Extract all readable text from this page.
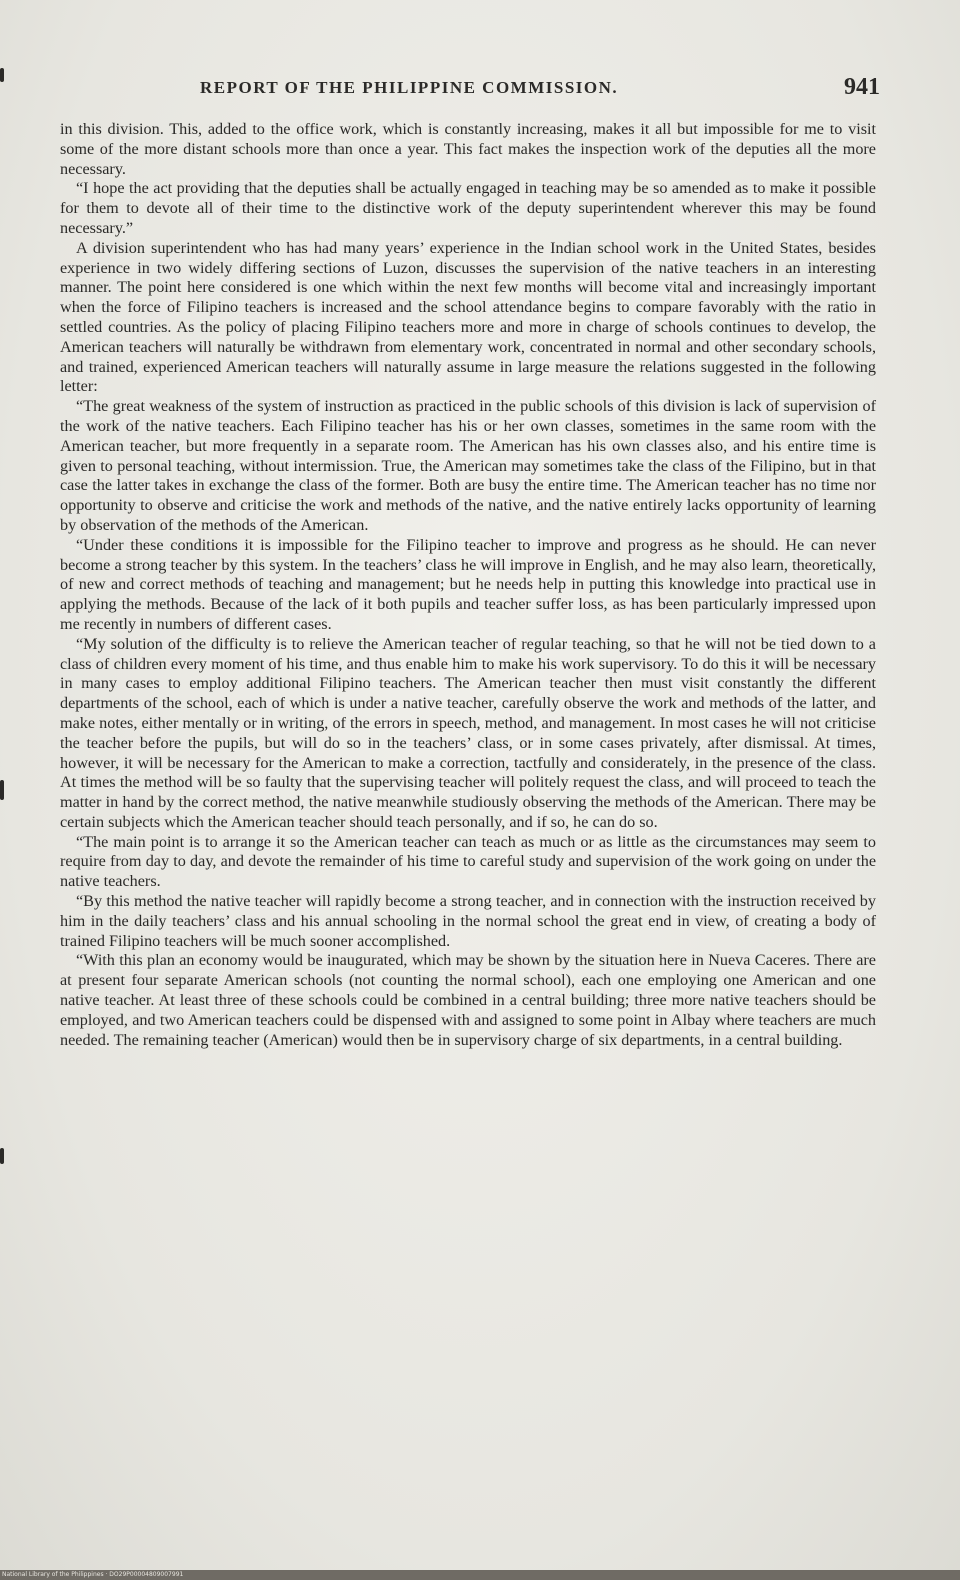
REPORT OF THE PHILIPPINE COMMISSION.	941

in this division. This, added to the office work, which is constantly increasing, makes it all but impossible for me to visit some of the more distant schools more than once a year. This fact makes the inspection work of the deputies all the more necessary.

“I hope the act providing that the deputies shall be actually engaged in teaching may be so amended as to make it possible for them to devote all of their time to the distinctive work of the deputy superintendent wherever this may be found necessary.”

A division superintendent who has had many years’ experience in the Indian school work in the United States, besides experience in two widely differing sections of Luzon, discusses the supervision of the native teachers in an interesting manner. The point here considered is one which within the next few months will become vital and increasingly important when the force of Filipino teachers is increased and the school attendance begins to compare favorably with the ratio in settled countries. As the policy of placing Filipino teachers more and more in charge of schools continues to develop, the American teachers will naturally be withdrawn from elementary work, concentrated in normal and other secondary schools, and trained, experienced American teachers will naturally assume in large measure the relations suggested in the following letter:

“The great weakness of the system of instruction as practiced in the public schools of this division is lack of supervision of the work of the native teachers. Each Filipino teacher has his or her own classes, sometimes in the same room with the American teacher, but more frequently in a separate room. The American has his own classes also, and his entire time is given to personal teaching, without intermission. True, the American may sometimes take the class of the Filipino, but in that case the latter takes in exchange the class of the former. Both are busy the entire time. The American teacher has no time nor opportunity to observe and criticise the work and methods of the native, and the native entirely lacks opportunity of learning by observation of the methods of the American.

“Under these conditions it is impossible for the Filipino teacher to improve and progress as he should. He can never become a strong teacher by this system. In the teachers’ class he will improve in English, and he may also learn, theoretically, of new and correct methods of teaching and management; but he needs help in putting this knowledge into practical use in applying the methods. Because of the lack of it both pupils and teacher suffer loss, as has been particularly impressed upon me recently in numbers of different cases.

“My solution of the difficulty is to relieve the American teacher of regular teaching, so that he will not be tied down to a class of children every moment of his time, and thus enable him to make his work supervisory. To do this it will be necessary in many cases to employ additional Filipino teachers. The American teacher then must visit constantly the different departments of the school, each of which is under a native teacher, carefully observe the work and methods of the latter, and make notes, either mentally or in writing, of the errors in speech, method, and management. In most cases he will not criticise the teacher before the pupils, but will do so in the teachers’ class, or in some cases privately, after dismissal. At times, however, it will be necessary for the American to make a correction, tactfully and considerately, in the presence of the class. At times the method will be so faulty that the supervising teacher will politely request the class, and will proceed to teach the matter in hand by the correct method, the native meanwhile studiously observing the methods of the American. There may be certain subjects which the American teacher should teach personally, and if so, he can do so.

“The main point is to arrange it so the American teacher can teach as much or as little as the circumstances may seem to require from day to day, and devote the remainder of his time to careful study and supervision of the work going on under the native teachers.

“By this method the native teacher will rapidly become a strong teacher, and in connection with the instruction received by him in the daily teachers’ class and his annual schooling in the normal school the great end in view, of creating a body of trained Filipino teachers will be much sooner accomplished.

“With this plan an economy would be inaugurated, which may be shown by the situation here in Nueva Caceres. There are at present four separate American schools (not counting the normal school), each one employing one American and one native teacher. At least three of these schools could be combined in a central building; three more native teachers should be employed, and two American teachers could be dispensed with and assigned to some point in Albay where teachers are much needed. The remaining teacher (American) would then be in supervisory charge of six departments, in a central building.

National Library of the Philippines · DO29P00004809007991
